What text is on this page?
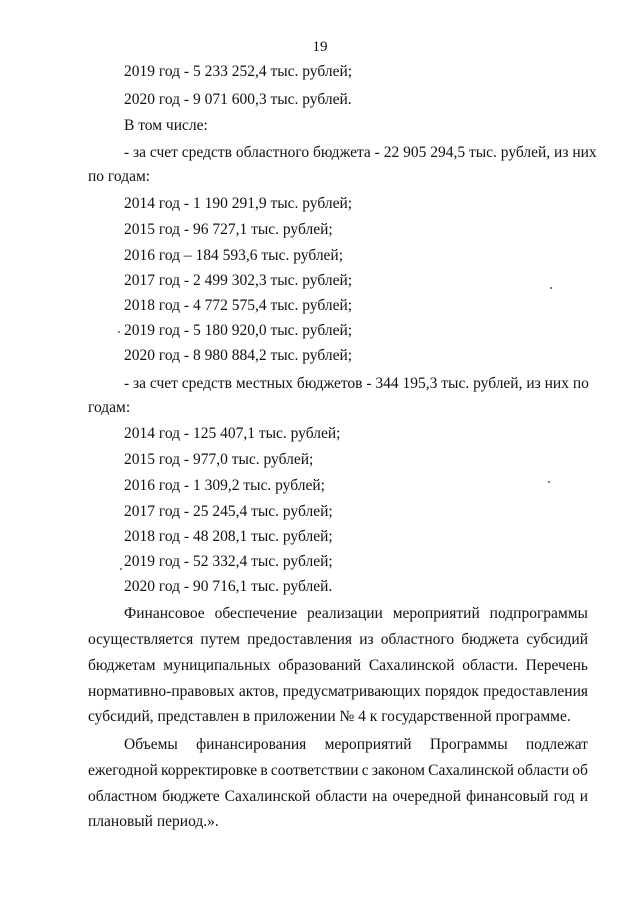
19
2019 год - 5 233 252,4 тыс. рублей;
2020 год - 9 071 600,3 тыс. рублей.
В том числе:
- за счет средств областного бюджета - 22 905 294,5 тыс. рублей, из них
по годам:
2014 год - 1 190 291,9 тыс. рублей;
2015 год - 96 727,1 тыс. рублей;
2016 год – 184 593,6 тыс. рублей;
2017 год - 2 499 302,3 тыс. рублей;
2018 год - 4 772 575,4 тыс. рублей;
2019 год - 5 180 920,0 тыс. рублей;
2020 год - 8 980 884,2 тыс. рублей;
- за счет средств местных бюджетов - 344 195,3 тыс. рублей, из них по
годам:
2014 год - 125 407,1 тыс. рублей;
2015 год - 977,0 тыс. рублей;
2016 год - 1 309,2 тыс. рублей;
2017 год - 25 245,4 тыс. рублей;
2018 год - 48 208,1 тыс. рублей;
2019 год - 52 332,4 тыс. рублей;
2020 год - 90 716,1 тыс. рублей.
Финансовое обеспечение реализации мероприятий подпрограммы
осуществляется путем предоставления из областного бюджета субсидий
бюджетам муниципальных образований Сахалинской области. Перечень
нормативно-правовых актов, предусматривающих порядок предоставления
субсидий, представлен в приложении № 4 к государственной программе.
Объемы финансирования мероприятий Программы подлежат
ежегодной корректировке в соответствии с законом Сахалинской области об
областном бюджете Сахалинской области на очередной финансовый год и
плановый период.».
